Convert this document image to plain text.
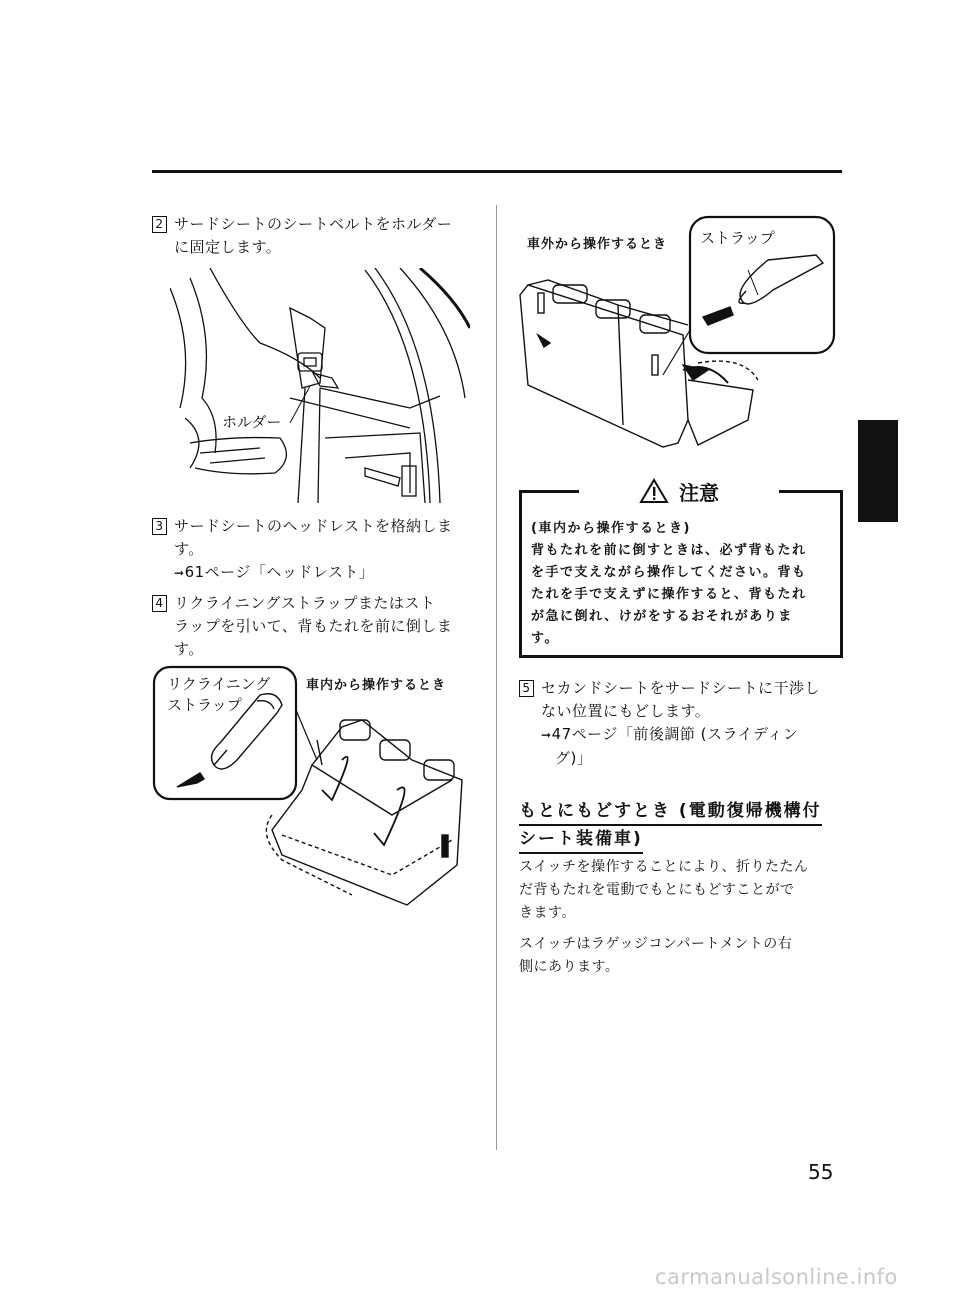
2 サードシートのシートベルトをホルダー
に固定します。
ホルダー
3 サードシートのヘッドレストを格納しま
す。
➞61ページ「ヘッドレスト」
4 リクライニングストラップまたはスト
ラップを引いて、背もたれを前に倒しま
す。
車内から操作するとき
リクライニング
ストラップ
車外から操作するとき ストラップ
注意
(車内から操作するとき)
背もたれを前に倒すときは、必ず背もたれ
を手で支えながら操作してください。背も
たれを手で支えずに操作すると、背もたれ
が急に倒れ、けがをするおそれがありま
す。
5 セカンドシートをサードシートに干渉し
ない位置にもどします。
➞47ページ「前後調節 (スライディン
グ)」
もとにもどすとき (電動復帰機構付
シート装備車)
スイッチを操作することにより、折りたたん
だ背もたれを電動でもとにもどすことがで
きます。
スイッチはラゲッジコンパートメントの右
側にあります。
55
carmanualsonline.info
